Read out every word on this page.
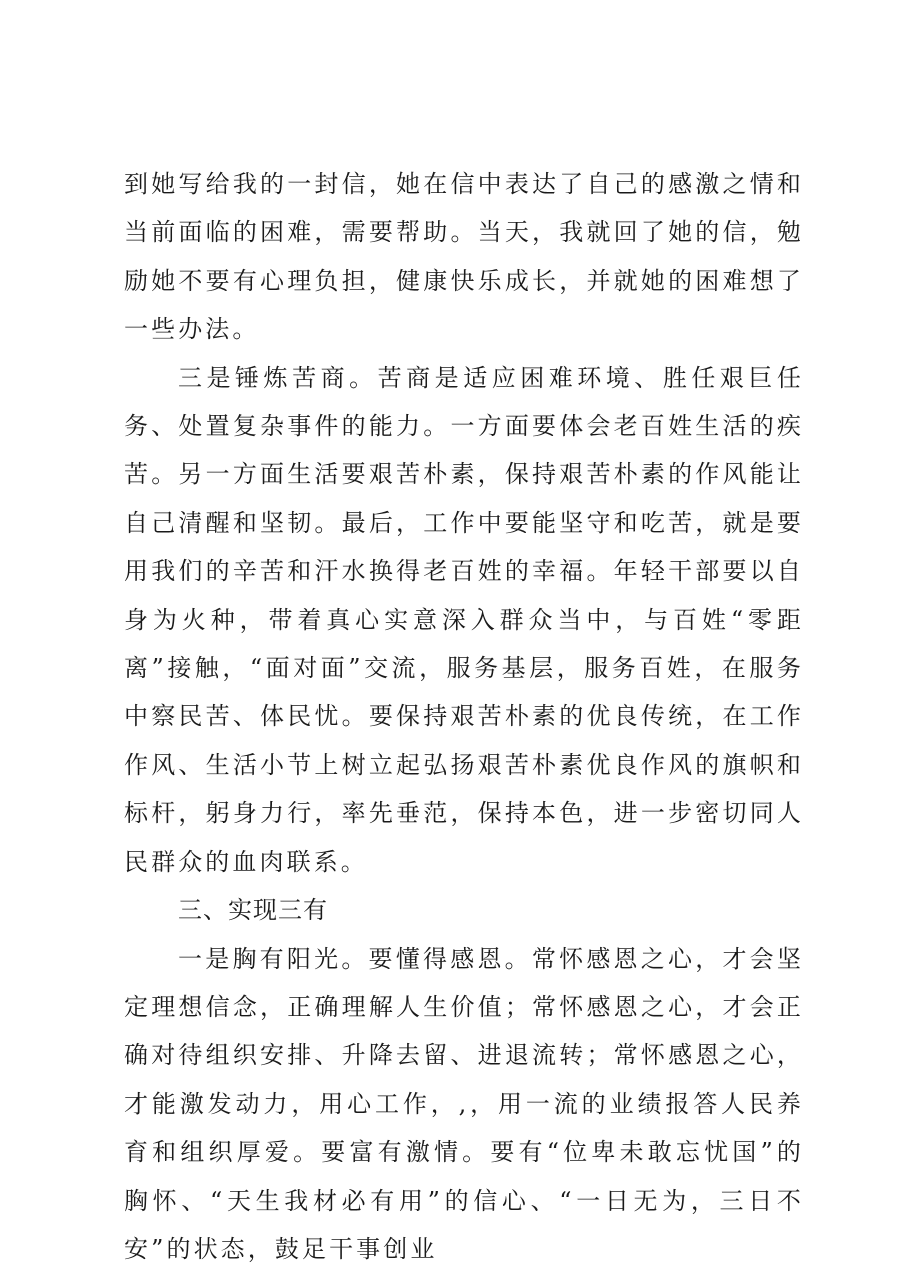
到她写给我的一封信，她在信中表达了自己的感激之情和当前面临的困难，需要帮助。当天，我就回了她的信，勉励她不要有心理负担，健康快乐成长，并就她的困难想了一些办法。

三是锤炼苦商。苦商是适应困难环境、胜任艰巨任务、处置复杂事件的能力。一方面要体会老百姓生活的疾苦。另一方面生活要艰苦朴素，保持艰苦朴素的作风能让自己清醒和坚韧。最后，工作中要能坚守和吃苦，就是要用我们的辛苦和汗水换得老百姓的幸福。年轻干部要以自身为火种，带着真心实意深入群众当中，与百姓“零距离”接触，“面对面”交流，服务基层，服务百姓，在服务中察民苦、体民忧。要保持艰苦朴素的优良传统，在工作作风、生活小节上树立起弘扬艰苦朴素优良作风的旗帜和标杆，躬身力行，率先垂范，保持本色，进一步密切同人民群众的血肉联系。

三、实现三有

一是胸有阳光。要懂得感恩。常怀感恩之心，才会坚定理想信念，正确理解人生价值；常怀感恩之心，才会正确对待组织安排、升降去留、进退流转；常怀感恩之心，才能激发动力，用心工作，,，用一流的业绩报答人民养育和组织厚爱。要富有激情。要有“位卑未敢忘忧国”的胸怀、“天生我材必有用”的信心、“一日无为，三日不安”的状态，鼓足干事创业
